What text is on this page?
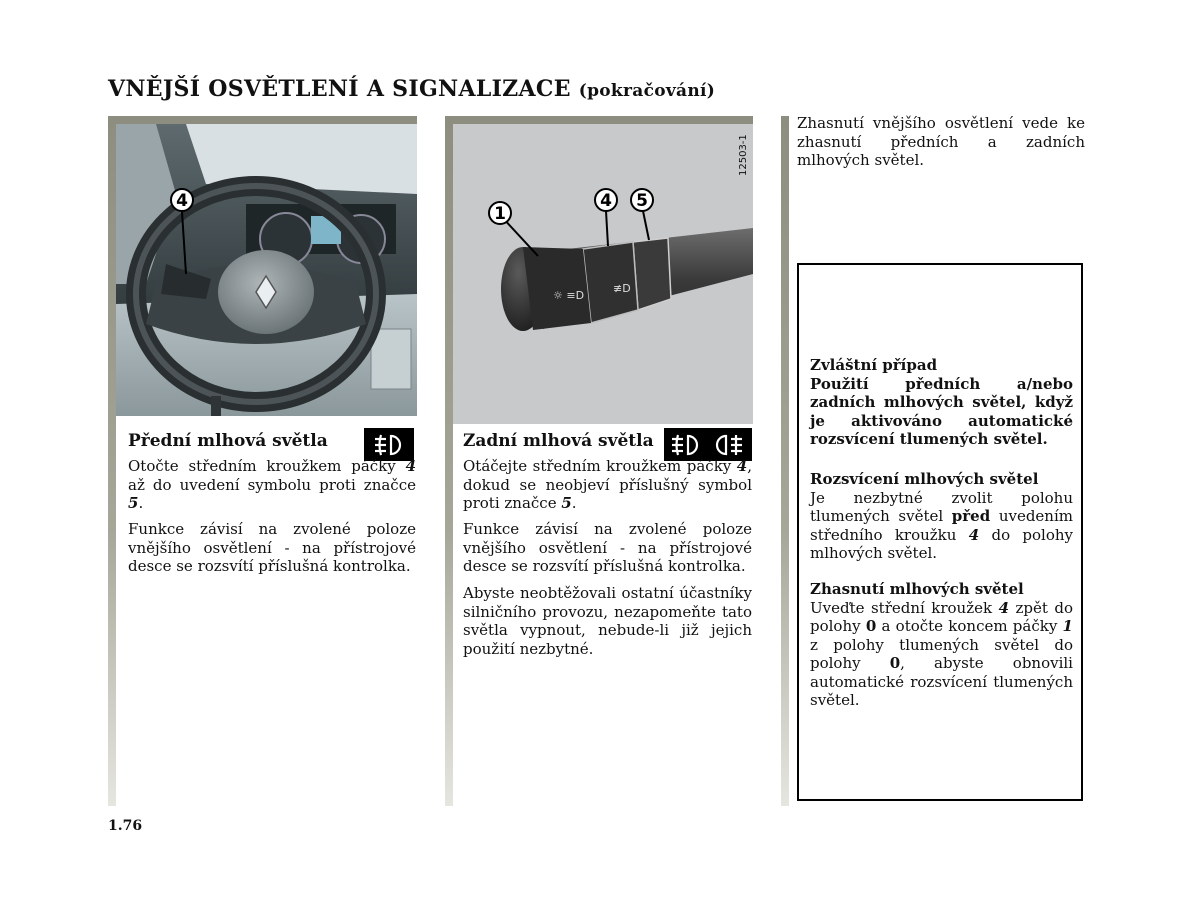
VNĚJŠÍ OSVĚTLENÍ A SIGNALIZACE (pokračování)
4
Přední mlhová světla
Otočte středním kroužkem páčky 4 až do uvedení symbolu proti značce 5.
Funkce závisí na zvolené poloze vnějšího osvětlení - na přístrojové desce se rozsvítí příslušná kontrolka.
☼ ≡D
≢D
1
4 5
12503-1
Zadní mlhová světla
Otáčejte středním kroužkem páčky 4, dokud se neobjeví příslušný symbol proti značce 5.
Funkce závisí na zvolené poloze vnějšího osvětlení - na přístrojové desce se rozsvítí příslušná kontrolka.
Abyste neobtěžovali ostatní účastníky silničního provozu, nezapomeňte tato světla vypnout, nebude-li již jejich použití nezbytné.
Zhasnutí vnějšího osvětlení vede ke zhasnutí předních a zadních mlhových světel.
Zvláštní případ
Použití předních a/nebo zadních mlhových světel, když je aktivováno automatické rozsvícení tlumených světel.
Rozsvícení mlhových světel
Je nezbytné zvolit polohu tlumených světel před uvedením středního kroužku 4 do polohy mlhových světel.
Zhasnutí mlhových světel
Uveďte střední kroužek 4 zpět do polohy 0 a otočte koncem páčky 1 z polohy tlumených světel do polohy 0, abyste obnovili automatické rozsvícení tlumených světel.
1.76
